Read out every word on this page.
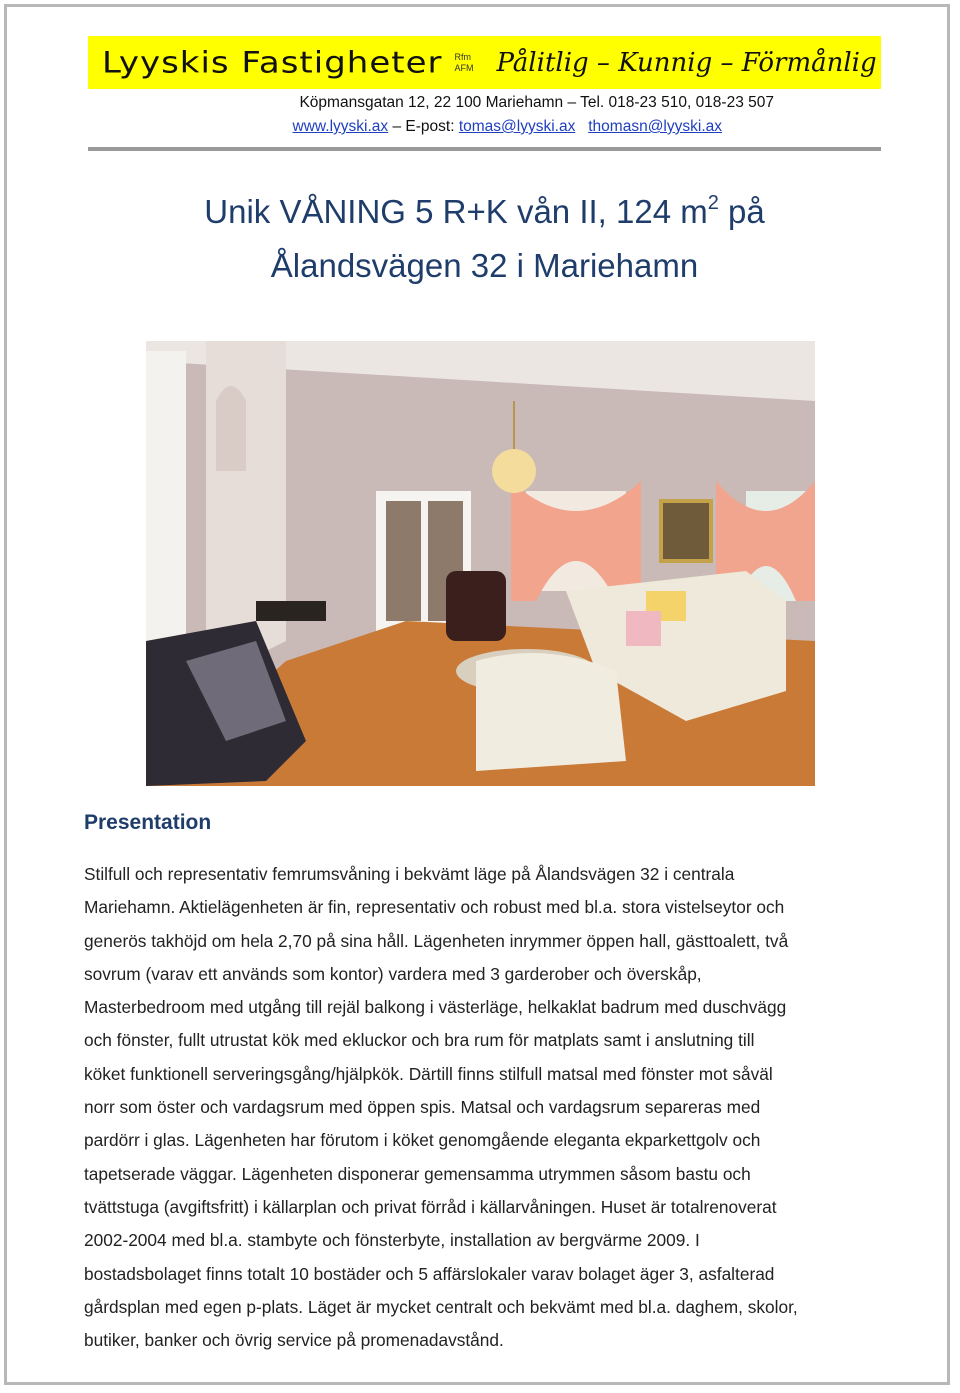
Lyyskis Fastigheter Rfm
AFM Pålitlig – Kunnig – Förmånlig
Köpmansgatan 12, 22 100 Mariehamn – Tel. 018-23 510, 018-23 507
www.lyyski.ax – E-post: tomas@lyyski.ax thomasn@lyyski.ax
Unik VÅNING 5 R+K vån II, 124 $m^2$ på
Ålandsvägen 32 i Mariehamn
Presentation

Stilfull och representativ femrumsvåning i bekvämt läge på Ålandsvägen 32 i centrala

Mariehamn. Aktielägenheten är fin, representativ och robust med bl.a. stora vistelseytor och

generös takhöjd om hela 2,70 på sina håll. Lägenheten inrymmer öppen hall, gästtoalett, två

sovrum (varav ett används som kontor) vardera med 3 garderober och överskåp,

Masterbedroom med utgång till rejäl balkong i västerläge, helkaklat badrum med duschvägg

och fönster, fullt utrustat kök med ekluckor och bra rum för matplats samt i anslutning till

köket funktionell serveringsgång/hjälpkök. Därtill finns stilfull matsal med fönster mot såväl

norr som öster och vardagsrum med öppen spis. Matsal och vardagsrum separeras med

pardörr i glas. Lägenheten har förutom i köket genomgående eleganta ekparkettgolv och

tapetserade väggar. Lägenheten disponerar gemensamma utrymmen såsom bastu och

tvättstuga (avgiftsfritt) i källarplan och privat förråd i källarvåningen. Huset är totalrenoverat

2002-2004 med bl.a. stambyte och fönsterbyte, installation av bergvärme 2009. I

bostadsbolaget finns totalt 10 bostäder och 5 affärslokaler varav bolaget äger 3, asfalterad

gårdsplan med egen p-plats. Läget är mycket centralt och bekvämt med bl.a. daghem, skolor,

butiker, banker och övrig service på promenadavstånd.
